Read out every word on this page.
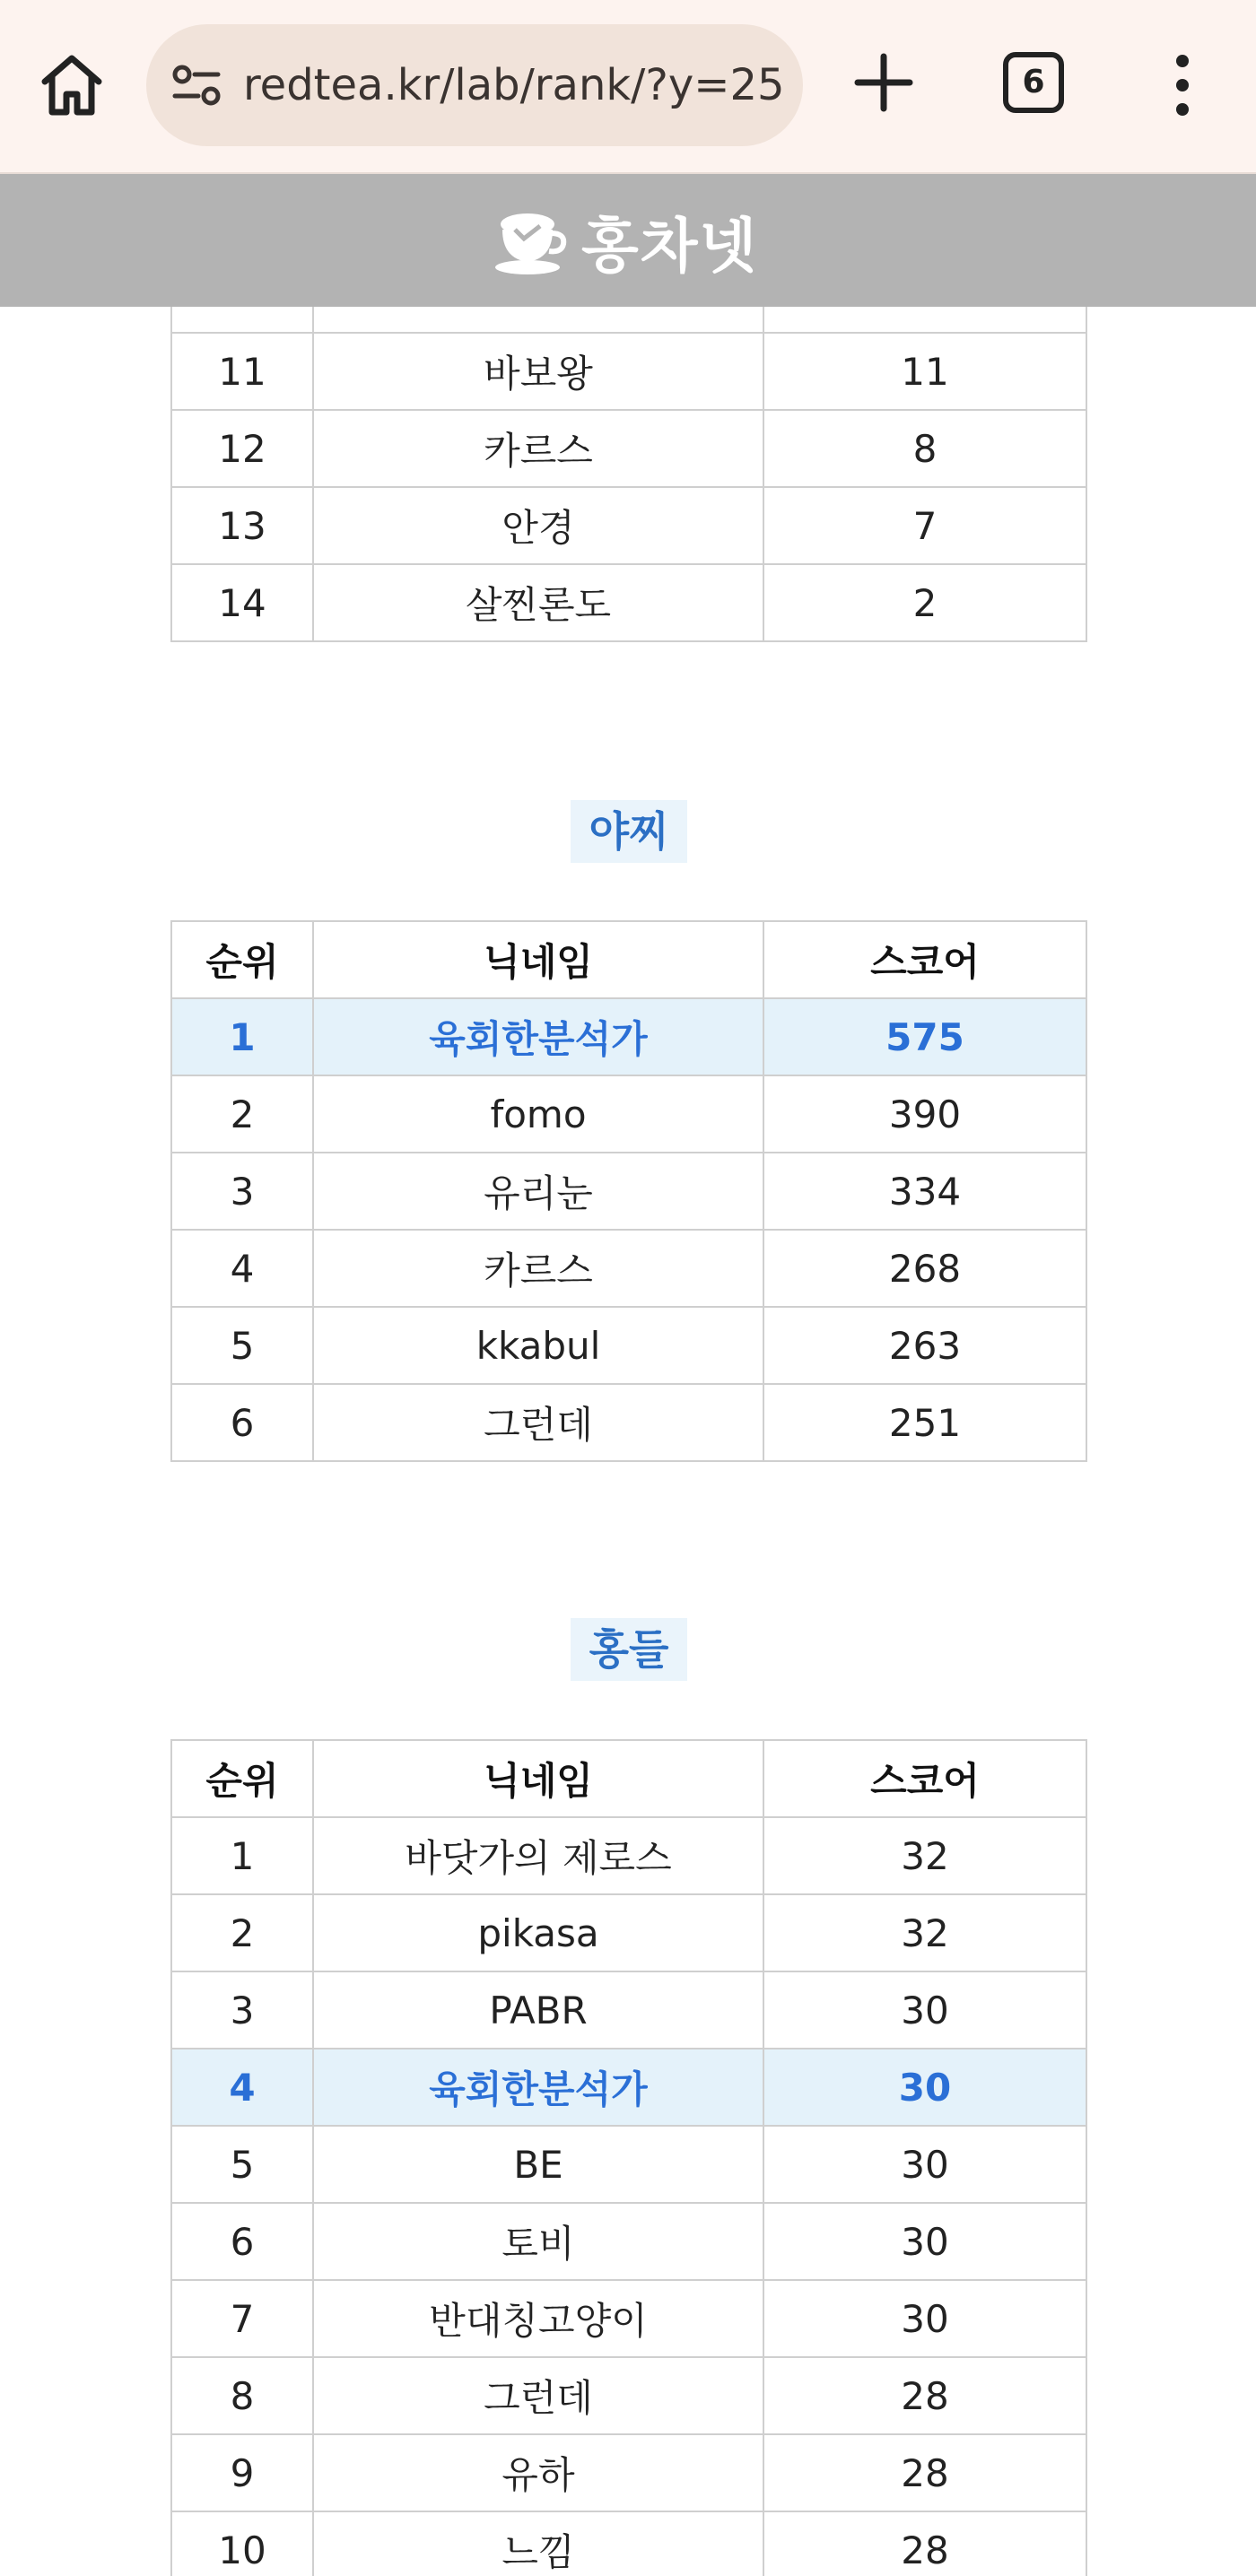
redtea.kr/lab/rank/?y=25	6
홍차넷

11	바보왕	11
12	카르스	8
13	안경	7
14	살찐론도	2
야찌
순위	닉네임	스코어
1	육회한분석가	575
2	fomo	390
3	유리눈	334
4	카르스	268
5	kkabul	263
6	그런데	251
홍들
순위	닉네임	스코어
1	바닷가의 제로스	32
2	pikasa	32
3	PABR	30
4	육회한분석가	30
5	BE	30
6	토비	30
7	반대칭고양이	30
8	그런데	28
9	유하	28
10	느낌	28
